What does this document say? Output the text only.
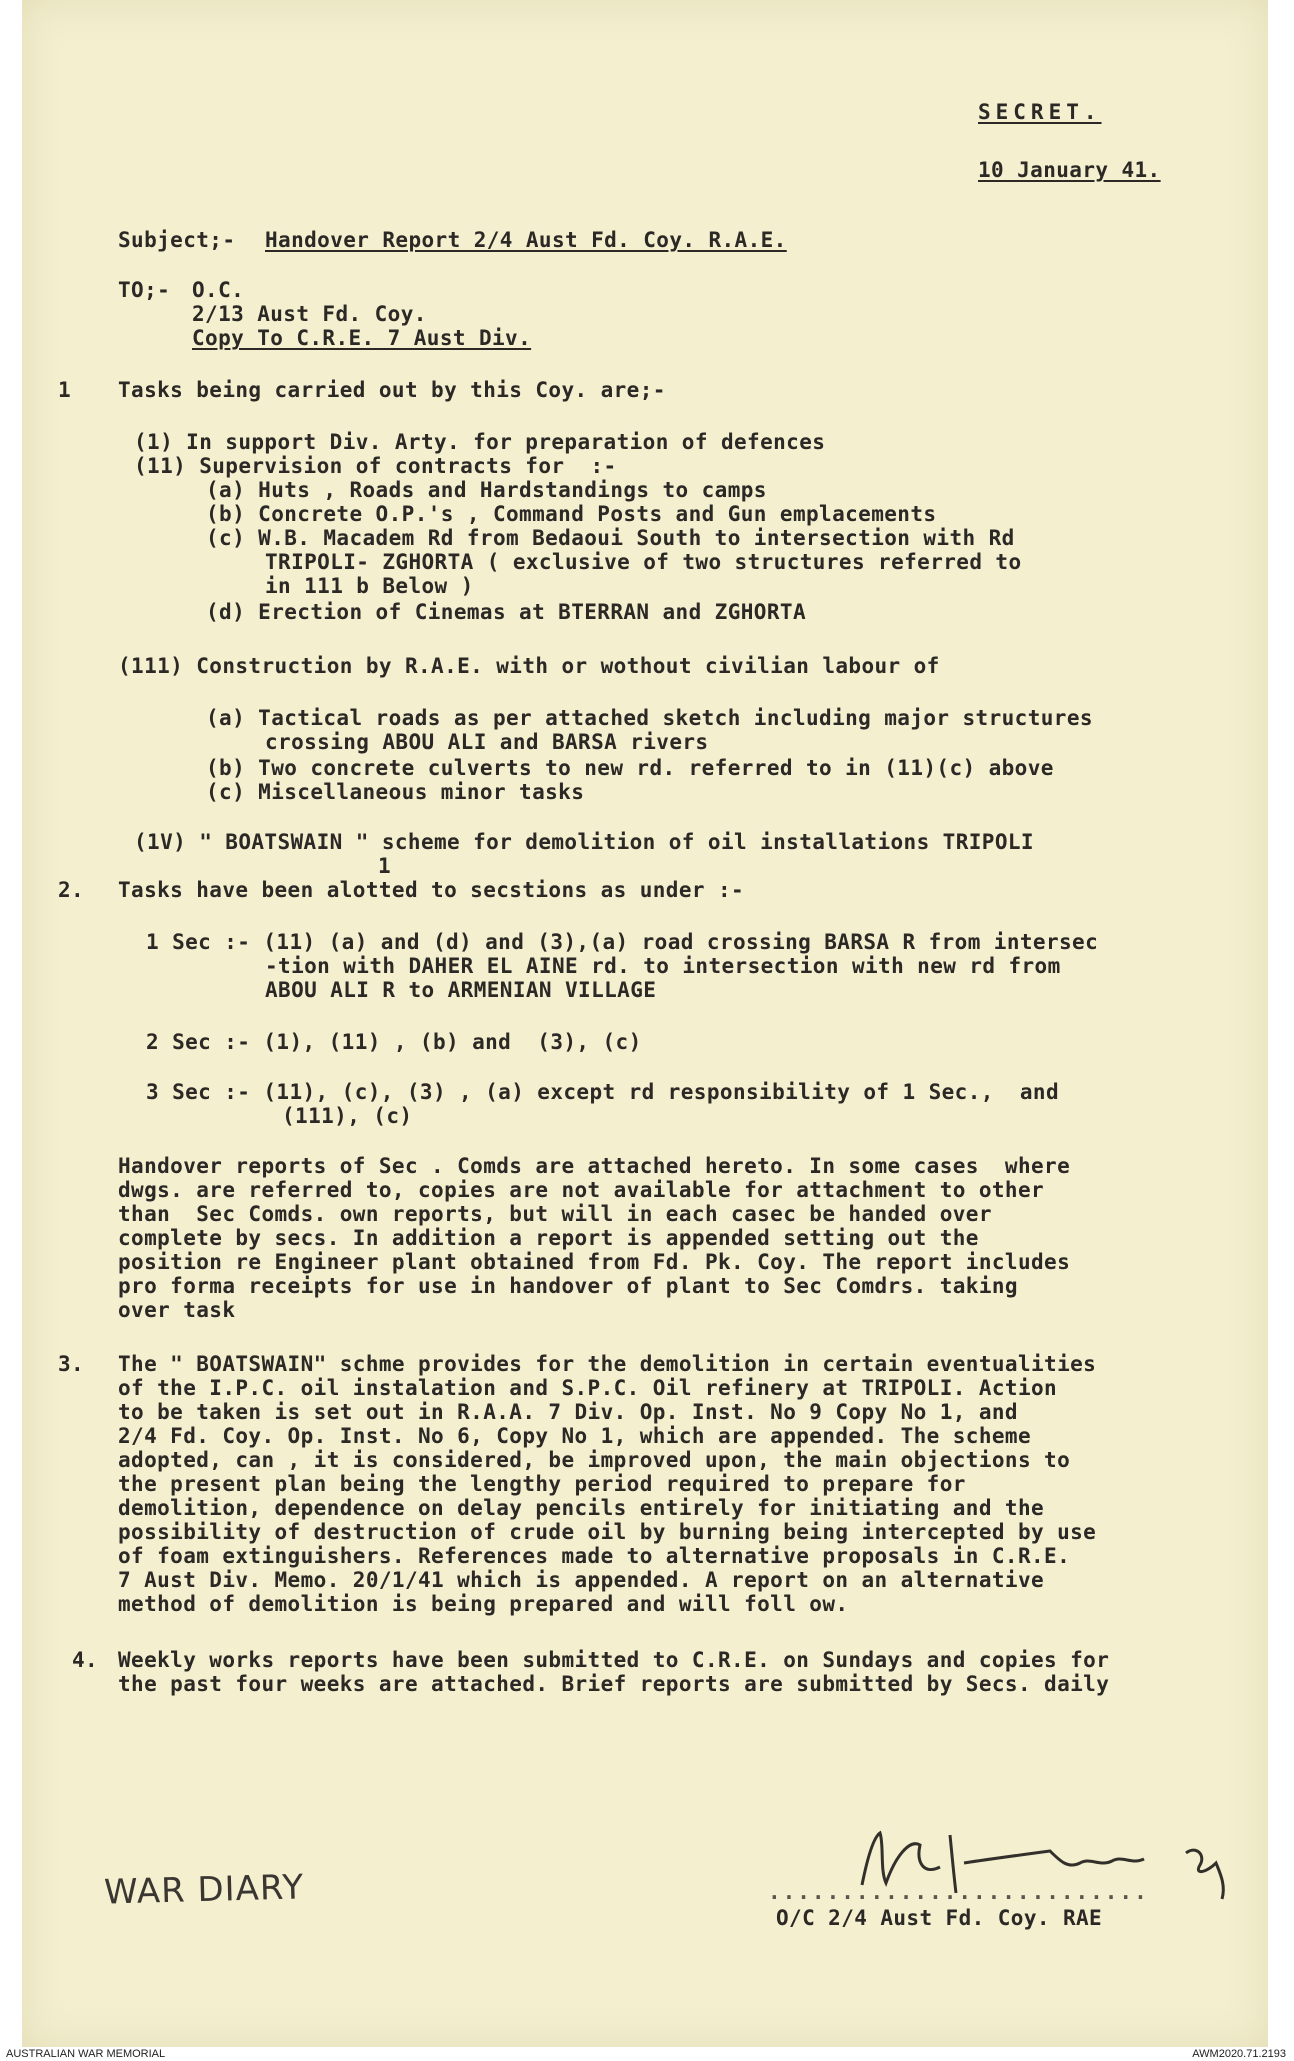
SECRET.
10 January 41.
Subject;- Handover Report 2/4 Aust Fd. Coy. R.A.E.
TO;- O.C.
2/13 Aust Fd. Coy.
Copy To C.R.E. 7 Aust Div.
1 Tasks being carried out by this Coy. are;-
(1) In support Div. Arty. for preparation of defences
(11) Supervision of contracts for  :-
(a) Huts , Roads and Hardstandings to camps
(b) Concrete O.P.'s , Command Posts and Gun emplacements
(c) W.B. Macadem Rd from Bedaoui South to intersection with Rd
TRIPOLI- ZGHORTA ( exclusive of two structures referred to
in 111 b Below )
(d) Erection of Cinemas at BTERRAN and ZGHORTA
(111) Construction by R.A.E. with or wothout civilian labour of
(a) Tactical roads as per attached sketch including major structures
crossing ABOU ALI and BARSA rivers
(b) Two concrete culverts to new rd. referred to in (11)(c) above
(c) Miscellaneous minor tasks
(1V) " BOATSWAIN " scheme for demolition of oil installations TRIPOLI
1
2. Tasks have been alotted to secstions as under :-
1 Sec :- (11) (a) and (d) and (3),(a) road crossing BARSA R from intersec
-tion with DAHER EL AINE rd. to intersection with new rd from
ABOU ALI R to ARMENIAN VILLAGE
2 Sec :- (1), (11) , (b) and  (3), (c)
3 Sec :- (11), (c), (3) , (a) except rd responsibility of 1 Sec.,  and
(111), (c)
Handover reports of Sec . Comds are attached hereto. In some cases  where
dwgs. are referred to, copies are not available for attachment to other
than  Sec Comds. own reports, but will in each casec be handed over
complete by secs. In addition a report is appended setting out the
position re Engineer plant obtained from Fd. Pk. Coy. The report includes
pro forma receipts for use in handover of plant to Sec Comdrs. taking
over task
3. The " BOATSWAIN" schme provides for the demolition in certain eventualities
of the I.P.C. oil instalation and S.P.C. Oil refinery at TRIPOLI. Action
to be taken is set out in R.A.A. 7 Div. Op. Inst. No 9 Copy No 1, and
2/4 Fd. Coy. Op. Inst. No 6, Copy No 1, which are appended. The scheme
adopted, can , it is considered, be improved upon, the main objections to
the present plan being the lengthy period required to prepare for
demolition, dependence on delay pencils entirely for initiating and the
possibility of destruction of crude oil by burning being intercepted by use
of foam extinguishers. References made to alternative proposals in C.R.E.
7 Aust Div. Memo. 20/1/41 which is appended. A report on an alternative
method of demolition is being prepared and will foll ow.
4. Weekly works reports have been submitted to C.R.E. on Sundays and copies for
the past four weeks are attached. Brief reports are submitted by Secs. daily
..........................
O/C 2/4 Aust Fd. Coy. RAE
WAR DIARY
AUSTRALIAN WAR MEMORIAL	AWM2020.71.2193
